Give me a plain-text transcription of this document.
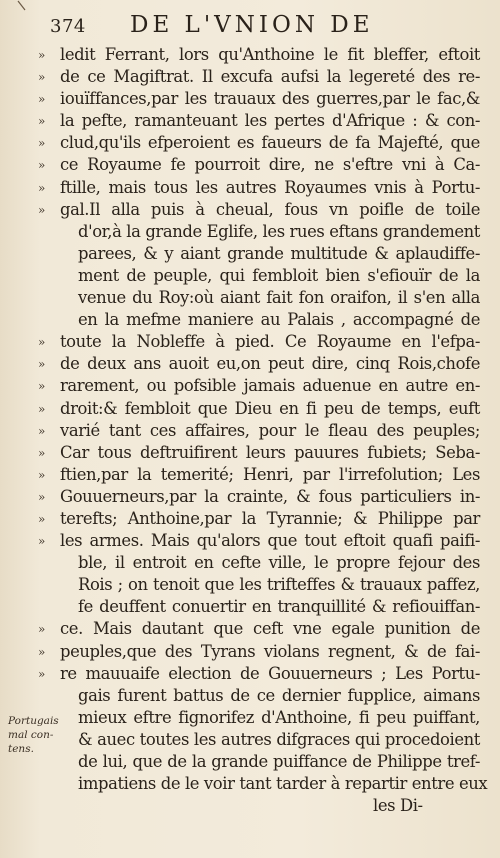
374 DE L'VNION DE
» ledit Ferrant, lors qu'Anthoine le fit bleffer, eftoit
» de ce Magiftrat. Il excufa aufsi la legereté des re-
» iouïffances,par les trauaux des guerres,par le fac,&
» la pefte, ramanteuant les pertes d'Afrique : & con-
» clud,qu'ils efperoient es faueurs de fa Majefté, que
» ce Royaume fe pourroit dire, ne s'eftre vni à Ca-
» ftille, mais tous les autres Royaumes vnis à Portu-
» gal.Il alla puis à cheual, fous vn poifle de toile
d'or,à la grande Eglife, les rues eftans grandement
parees, & y aiant grande multitude & aplaudiffe-
ment de peuple, qui fembloit bien s'efiouïr de la
venue du Roy:où aiant fait fon oraifon, il s'en alla
en la mefme maniere au Palais , accompagné de
» toute la Nobleffe à pied. Ce Royaume en l'efpa-
» de deux ans auoit eu,on peut dire, cinq Rois,chofe
» rarement, ou pofsible jamais aduenue en autre en-
» droit:& fembloit que Dieu en fi peu de temps, euft
» varié tant ces affaires, pour le fleau des peuples;
» Car tous deftruifirent leurs pauures fubiets; Seba-
» ftien,par la temerité; Henri, par l'irrefolution; Les
» Gouuerneurs,par la crainte, & fous particuliers in-
» terefts; Anthoine,par la Tyrannie; & Philippe par
» les armes. Mais qu'alors que tout eftoit quafi paifi-
ble, il entroit en cefte ville, le propre fejour des
Rois ; on tenoit que les trifteffes & trauaux paffez,
fe deuffent conuertir en tranquillité & refiouiffan-
» ce. Mais dautant que ceft vne egale punition de
» peuples,que des Tyrans violans regnent, & de fai-
» re mauuaife election de Gouuerneurs ; Les Portu-
gais furent battus de ce dernier fupplice, aimans
mieux eftre fignorifez d'Anthoine, fi peu puiffant,
& auec toutes les autres difgraces qui procedoient
de lui, que de la grande puiffance de Philippe tref-
impatiens de le voir tant tarder à repartir entre eux
les Di-
Portugais
mal con-
tens.
